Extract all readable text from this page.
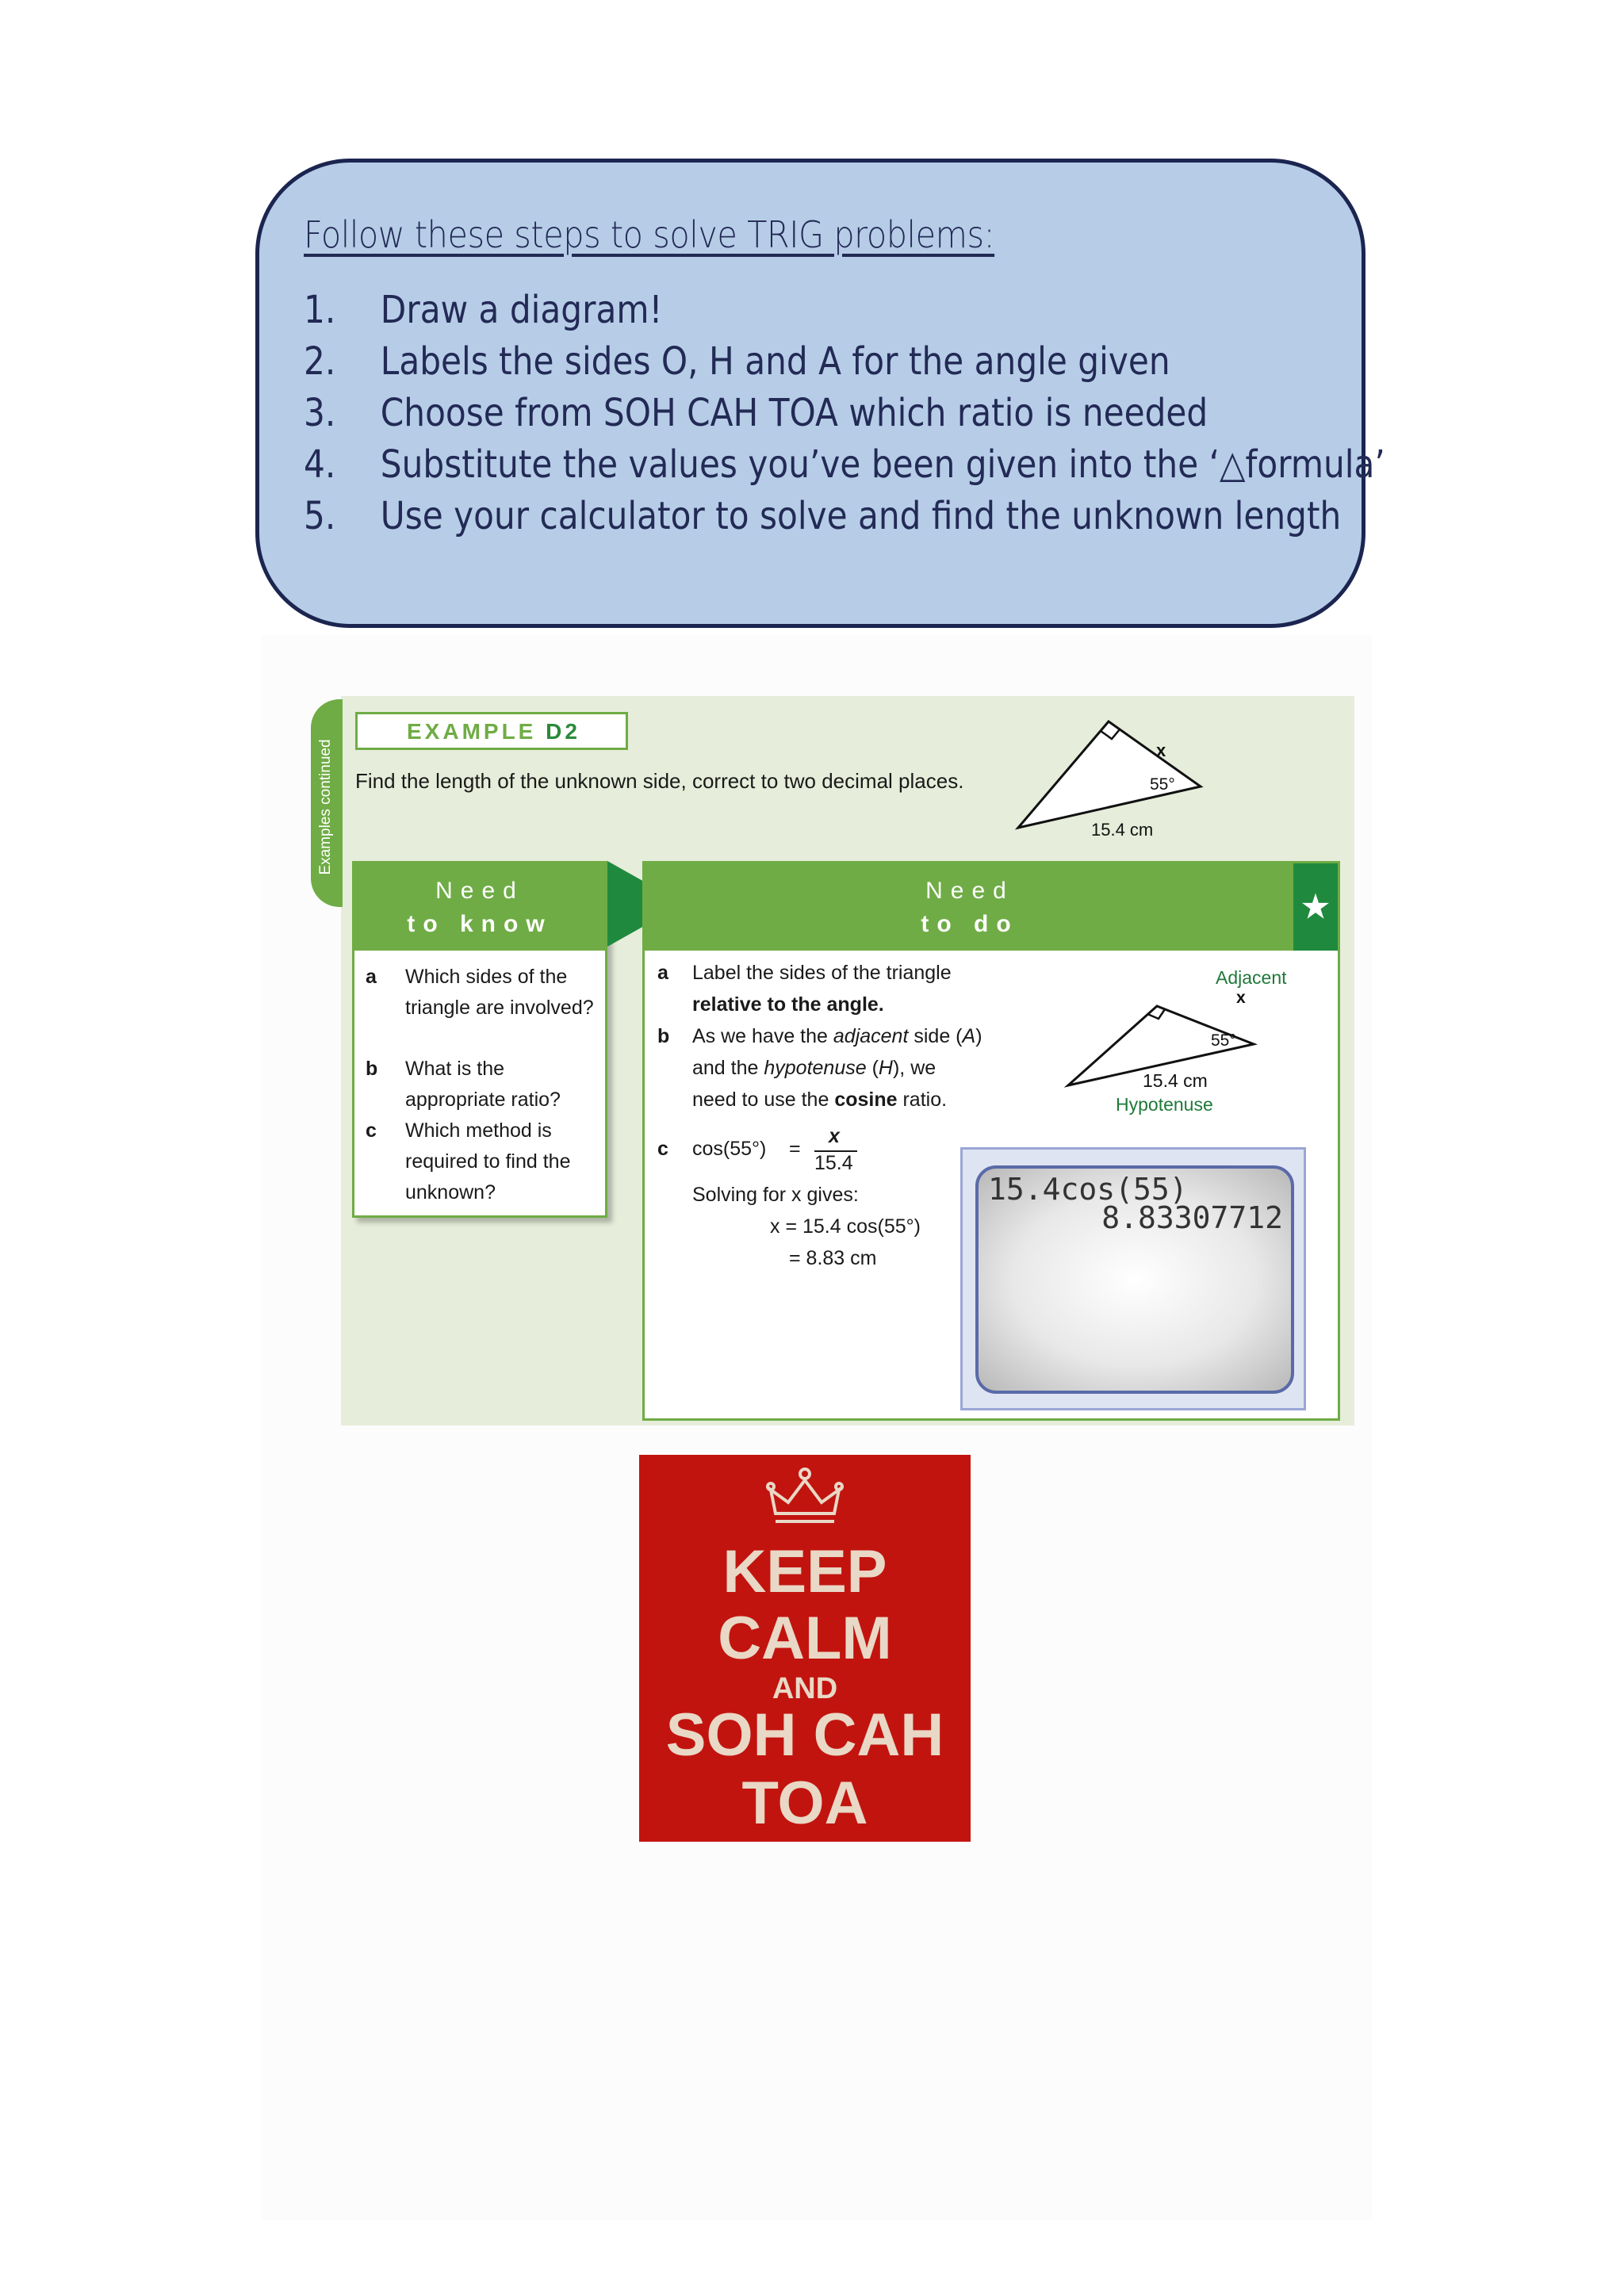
Follow these steps to solve TRIG problems:
1. Draw a diagram!
2. Labels the sides O, H and A for the angle given
3. Choose from SOH CAH TOA which ratio is needed
4. Substitute the values you’ve been given into the ‘△formula’
5. Use your calculator to solve and find the unknown length
Examples continued
EXAMPLE D2
Find the length of the unknown side, correct to two decimal places.
x
55°
15.4 cm
Need
to know
a Which sides of the triangle are involved?
b What is the appropriate ratio?
c Which method is required to find the unknown?
Need
to do	★
a Label the sides of the triangle
relative to the angle.
b As we have the adjacent side (A)
and the hypotenuse (H), we
need to use the cosine ratio.
c cos(55°) =
x
15.4
Solving for x gives:
x = 15.4 cos(55°)
= 8.83 cm
Adjacent
x
55°
15.4 cm
Hypotenuse
15.4cos(55)
8.83307712
KEEP
CALM
AND
SOH CAH
TOA
